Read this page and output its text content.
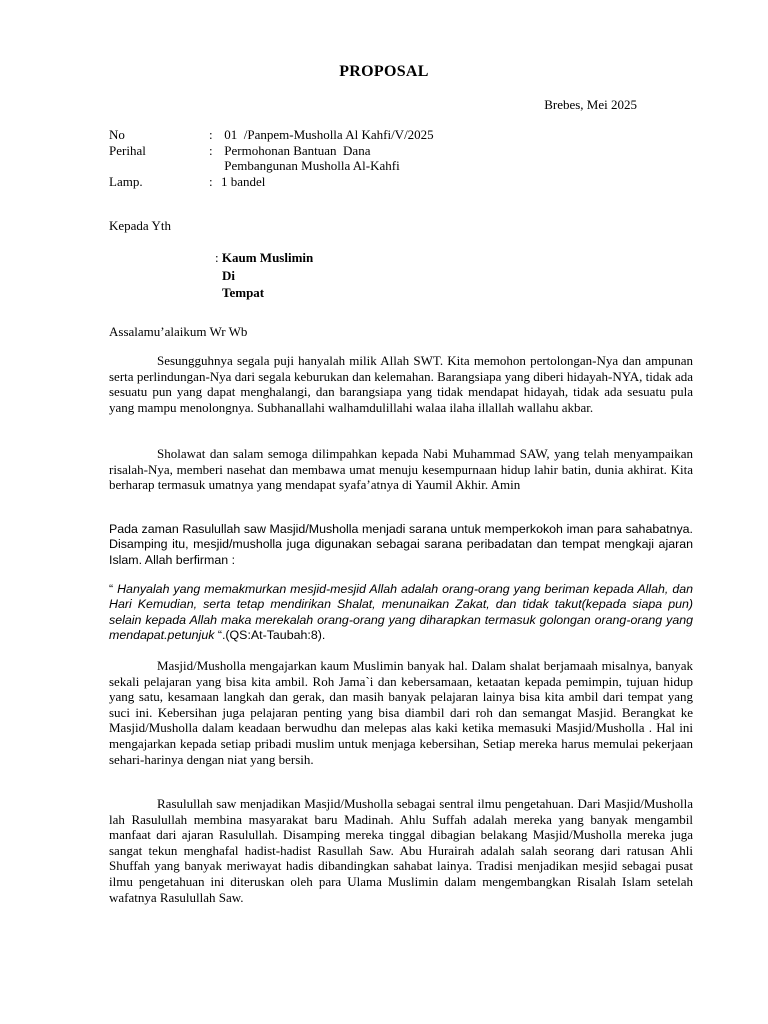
PROPOSAL
Brebes, Mei 2025
No	: 01  /Panpem-Musholla Al Kahfi/V/2025
Perihal	: Permohonan Bantuan  Dana
Pembangunan Musholla Al-Kahfi
Lamp.	: 1 bandel
Kepada Yth
: Kaum Muslimin
Di
Tempat
Assalamu’alaikum Wr Wb
Sesungguhnya segala puji hanyalah milik Allah SWT. Kita memohon pertolongan-Nya dan ampunan serta perlindungan-Nya dari segala keburukan dan kelemahan. Barangsiapa yang diberi hidayah-NYA, tidak ada sesuatu pun yang dapat menghalangi, dan barangsiapa yang tidak mendapat hidayah, tidak ada sesuatu pula yang mampu menolongnya. Subhanallahi walhamdulillahi walaa ilaha illallah wallahu akbar.
Sholawat dan salam semoga dilimpahkan kepada Nabi Muhammad SAW, yang telah menyampaikan risalah-Nya, memberi nasehat dan membawa umat menuju kesempurnaan hidup lahir batin, dunia akhirat. Kita berharap termasuk umatnya yang mendapat syafa’atnya di Yaumil Akhir. Amin
Pada zaman Rasulullah saw Masjid/Musholla menjadi sarana untuk memperkokoh iman para sahabatnya. Disamping itu, mesjid/musholla juga digunakan sebagai sarana peribadatan dan tempat mengkaji ajaran Islam. Allah berfirman :
“ Hanyalah yang memakmurkan mesjid-mesjid Allah adalah orang-orang yang beriman kepada Allah, dan Hari Kemudian, serta tetap mendirikan Shalat, menunaikan Zakat, dan tidak takut(kepada siapa pun) selain kepada Allah maka merekalah orang-orang yang diharapkan termasuk golongan orang-orang yang mendapat.petunjuk “.(QS:At-Taubah:8).
Masjid/Musholla mengajarkan kaum Muslimin banyak hal. Dalam shalat berjamaah misalnya, banyak sekali pelajaran yang bisa kita ambil. Roh Jama`i dan kebersamaan, ketaatan kepada pemimpin, tujuan hidup yang satu, kesamaan langkah dan gerak, dan masih banyak pelajaran lainya bisa kita ambil dari tempat yang suci ini. Kebersihan juga pelajaran penting yang bisa diambil dari roh dan semangat Masjid. Berangkat ke Masjid/Musholla dalam keadaan berwudhu dan melepas alas kaki ketika memasuki Masjid/Musholla . Hal ini mengajarkan kepada setiap pribadi muslim untuk menjaga kebersihan, Setiap mereka harus memulai pekerjaan sehari-harinya dengan niat yang bersih.
Rasulullah saw menjadikan Masjid/Musholla sebagai sentral ilmu pengetahuan. Dari Masjid/Musholla lah Rasulullah membina masyarakat baru Madinah. Ahlu Suffah adalah mereka yang banyak mengambil manfaat dari ajaran Rasulullah. Disamping mereka tinggal dibagian belakang Masjid/Musholla mereka juga sangat tekun menghafal hadist-hadist Rasullah Saw. Abu Hurairah adalah salah seorang dari ratusan Ahli Shuffah yang banyak meriwayat hadis dibandingkan sahabat lainya. Tradisi menjadikan mesjid sebagai pusat ilmu pengetahuan ini diteruskan oleh para Ulama Muslimin dalam mengembangkan Risalah Islam setelah wafatnya Rasulullah Saw.
